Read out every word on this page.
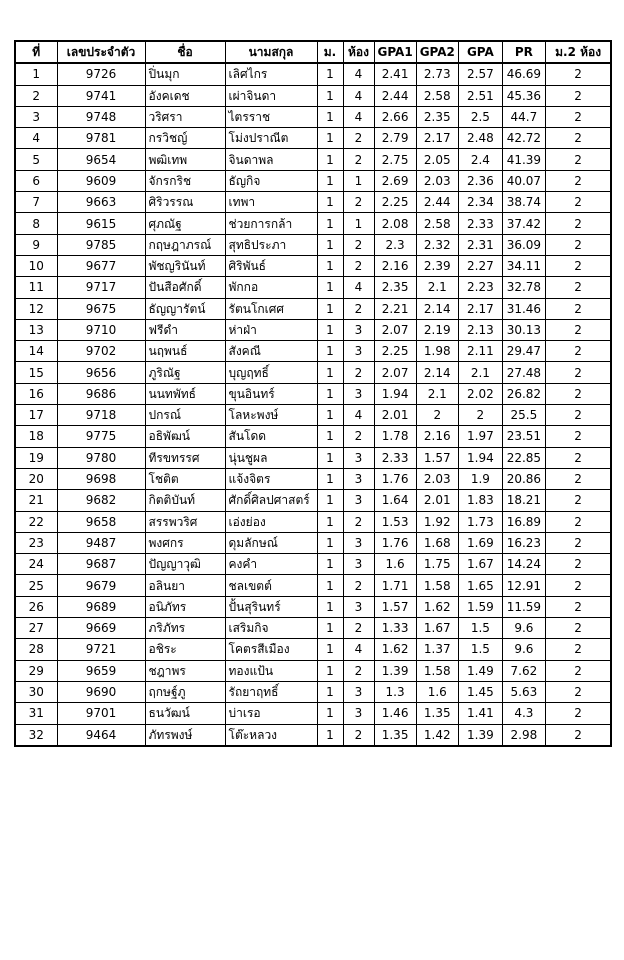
ที่	เลขประจำตัว	ชื่อ	นามสกุล	ม.	ห้อง	GPA1	GPA2	GPA	PR	ม.2 ห้อง
1	9726	ปิ่นมุก	เลิศไกร	1	4	2.41	2.73	2.57	46.69	2
2	9741	อังคเดช	เผ่าจินดา	1	4	2.44	2.58	2.51	45.36	2
3	9748	วริศรา	ไตรราช	1	4	2.66	2.35	2.5	44.7	2
4	9781	กรวิชญ์	โม่งปราณีต	1	2	2.79	2.17	2.48	42.72	2
5	9654	พฒิเทพ	จินดาพล	1	2	2.75	2.05	2.4	41.39	2
6	9609	จักรกริช	ธัญกิจ	1	1	2.69	2.03	2.36	40.07	2
7	9663	ศิริวรรณ	เทพา	1	2	2.25	2.44	2.34	38.74	2
8	9615	ศุภณัฐ	ช่วยการกล้า	1	1	2.08	2.58	2.33	37.42	2
9	9785	กฤษฎาภรณ์	สุทธิประภา	1	2	2.3	2.32	2.31	36.09	2
10	9677	พัชญรินันท์	ศิริพันธ์	1	2	2.16	2.39	2.27	34.11	2
11	9717	ปันสือศักดิ์	พักกอ	1	4	2.35	2.1	2.23	32.78	2
12	9675	ธัญญารัตน์	รัตนโกเศศ	1	2	2.21	2.14	2.17	31.46	2
13	9710	ฟรีดำ	ห่าฝ่า	1	3	2.07	2.19	2.13	30.13	2
14	9702	นฤพนธ์	สังคณี	1	3	2.25	1.98	2.11	29.47	2
15	9656	ภูริณัฐ	บุญฤทธิ์	1	2	2.07	2.14	2.1	27.48	2
16	9686	นนทพัทธ์	ขุนอินทร์	1	3	1.94	2.1	2.02	26.82	2
17	9718	ปกรณ์	โลหะพงษ์	1	4	2.01	2	2	25.5	2
18	9775	อธิพัฒน์	สันโดด	1	2	1.78	2.16	1.97	23.51	2
19	9780	ทีรขทรรศ	นุ่นชูผล	1	3	2.33	1.57	1.94	22.85	2
20	9698	โชติต	แจ้งจิตร	1	3	1.76	2.03	1.9	20.86	2
21	9682	กิตติบันท์	ศักดิ์ศิลปศาสตร์	1	3	1.64	2.01	1.83	18.21	2
22	9658	สรรพวริศ	เอ่งย่อง	1	2	1.53	1.92	1.73	16.89	2
23	9487	พงศกร	ดุมลักษณ์	1	3	1.76	1.68	1.69	16.23	2
24	9687	ปัญญาวุฒิ	คงคำ	1	3	1.6	1.75	1.67	14.24	2
25	9679	อลินยา	ชลเขตต์	1	2	1.71	1.58	1.65	12.91	2
26	9689	อนิภัทร	ปั้นสุรินทร์	1	3	1.57	1.62	1.59	11.59	2
27	9669	ภริภัทร	เสริมกิจ	1	2	1.33	1.67	1.5	9.6	2
28	9721	อชิระ	โคตรสีเมือง	1	4	1.62	1.37	1.5	9.6	2
29	9659	ชฎาพร	ทองแป้น	1	2	1.39	1.58	1.49	7.62	2
30	9690	ฤกษฐ์ภู	รัถยาฤทธิ์	1	3	1.3	1.6	1.45	5.63	2
31	9701	ธนวัฒน์	บ่าเรอ	1	3	1.46	1.35	1.41	4.3	2
32	9464	ภัทรพงษ์	โต๊ะหลวง	1	2	1.35	1.42	1.39	2.98	2
